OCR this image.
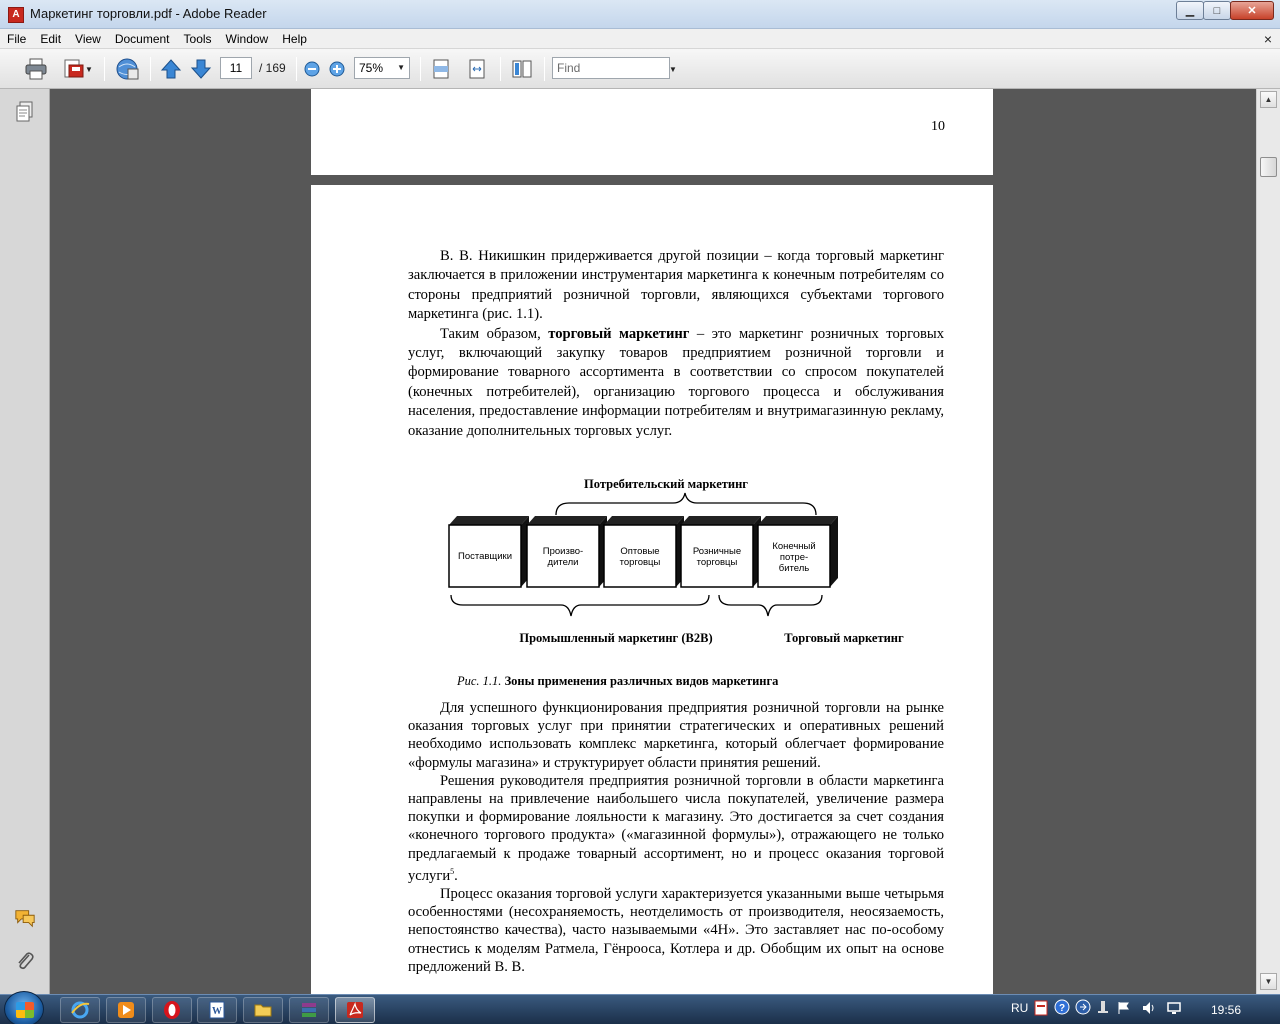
A Маркетинг торговли.pdf - Adobe Reader	▁	□	✕
File	Edit	View	Document	Tools	Window	Help	×
▼	11	/ 169	75% ▼	Find	▼
10

В. В. Никишкин придерживается другой позиции – когда торговый маркетинг заключается в приложении инструментария маркетинга к конечным потребителям со стороны предприятий розничной торговли, являющихся субъектами торгового маркетинга (рис. 1.1).

Таким образом, торговый маркетинг – это маркетинг розничных торговых услуг, включающий закупку товаров предприятием розничной торговли и формирование товарного ассортимента в соответствии со спросом покупателей (конечных потребителей), организацию торгового процесса и обслуживания населения, предоставление информации потребителям и внутримагазинную рекламу, оказание дополнительных торговых услуг.

Потребительский маркетинг
Поставщики	Произво-
дители
Оптовые
торговцы
Розничные
торговцы
Конечный
потре-
битель
Промышленный маркетинг (B2B)	Торговый маркетинг
Рис. 1.1. Зоны применения различных видов маркетинга

Для успешного функционирования предприятия розничной торговли на рынке оказания торговых услуг при принятии стратегических и оперативных решений необходимо использовать комплекс маркетинга, который облегчает формирование «формулы магазина» и структурирует области принятия решений.

Решения руководителя предприятия розничной торговли в области маркетинга направлены на привлечение наибольшего числа покупателей, увеличение размера покупки и формирование лояльности к магазину. Это достигается за счет создания «конечного торгового продукта» («магазинной формулы»), отражающего не только предлагаемый к продаже товарный ассортимент, но и процесс оказания торговой услуги$^5$.

Процесс оказания торговой услуги характеризуется указанными выше четырьмя особенностями (несохраняемость, неотделимость от производителя, неосязаемость, непостоянство качества), часто называемыми «4Н». Это заставляет нас по-особому отнестись к моделям Ратмела, Гёнрооса, Котлера и др. Обобщим их опыт на основе предложений В. В.

▲
▼
W	RU	?	19:56
